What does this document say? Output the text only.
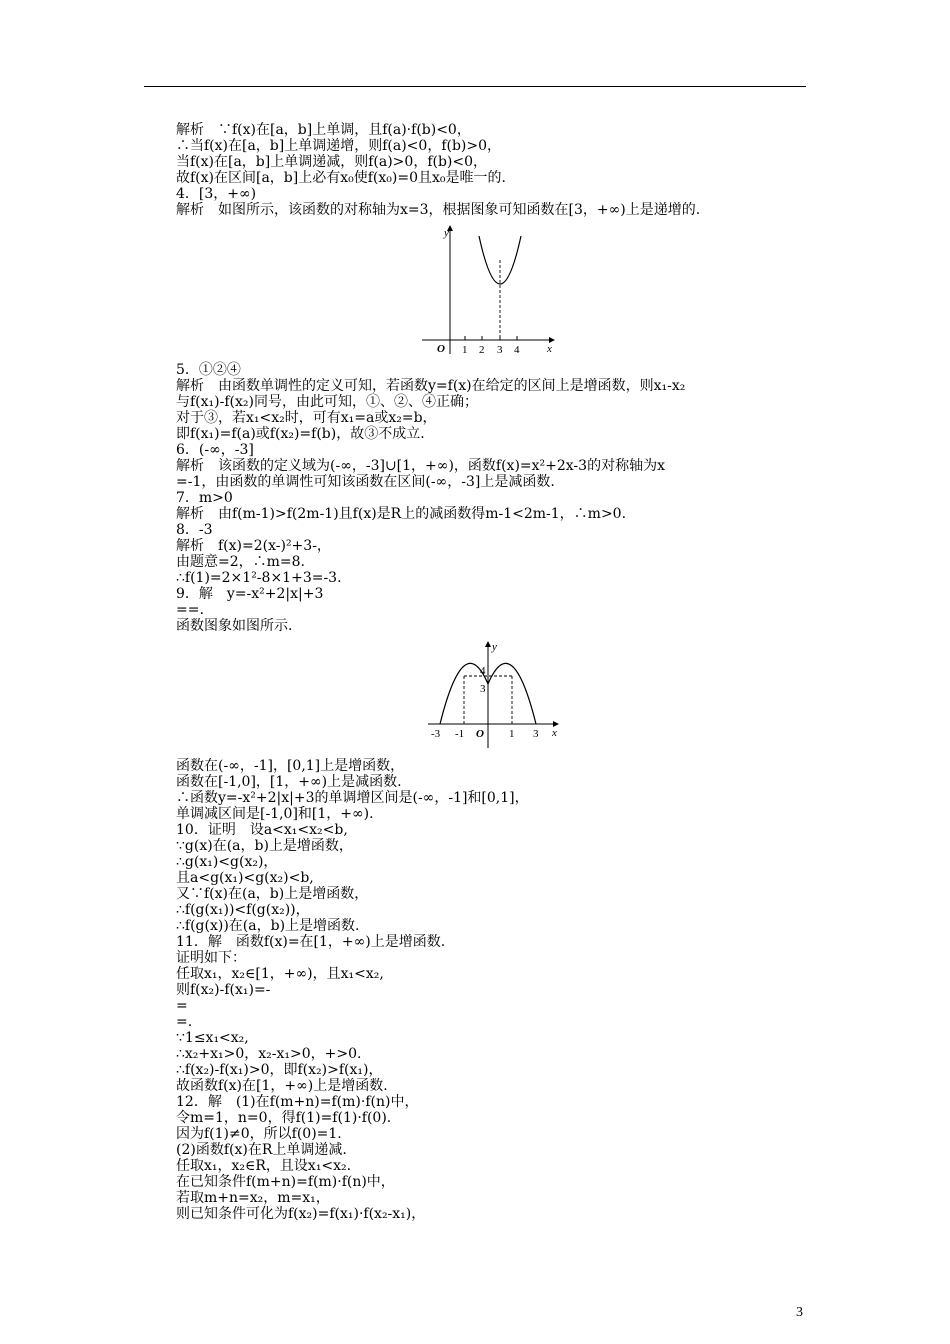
解析　∵f(x)在[a，b]上单调，且f(a)·f(b)<0，
∴当f(x)在[a，b]上单调递增，则f(a)<0，f(b)>0，
当f(x)在[a，b]上单调递减，则f(a)>0，f(b)<0，
故f(x)在区间[a，b]上必有x₀使f(x₀)=0且x₀是唯一的.
4．[3，+∞)
解析　如图所示，该函数的对称轴为x=3，根据图象可知函数在[3，+∞)上是递增的.
y
x
O 1 2 3 4
5．①②④
解析　由函数单调性的定义可知，若函数y=f(x)在给定的区间上是增函数，则x₁-x₂
与f(x₁)-f(x₂)同号，由此可知，①、②、④正确；
对于③，若x₁<x₂时，可有x₁=a或x₂=b，
即f(x₁)=f(a)或f(x₂)=f(b)，故③不成立.
6．(-∞，-3]
解析　该函数的定义域为(-∞，-3]∪[1，+∞)，函数f(x)=x²+2x-3的对称轴为x
=-1，由函数的单调性可知该函数在区间(-∞，-3]上是减函数.
7．m>0
解析　由f(m-1)>f(2m-1)且f(x)是R上的减函数得m-1<2m-1，∴m>0.
8．-3
解析　f(x)=2(x-)²+3-，
由题意=2，∴m=8.
∴f(1)=2×1²-8×1+3=-3.
9．解　y=-x²+2|x|+3
==.
函数图象如图所示.
y
x
O
-3 -1	1 3
4
3
函数在(-∞，-1]，[0,1]上是增函数，
函数在[-1,0]，[1，+∞)上是减函数.
∴函数y=-x²+2|x|+3的单调增区间是(-∞，-1]和[0,1]，
单调减区间是[-1,0]和[1，+∞).
10．证明　设a<x₁<x₂<b,
∵g(x)在(a，b)上是增函数，
∴g(x₁)<g(x₂)，
且a<g(x₁)<g(x₂)<b,
又∵f(x)在(a，b)上是增函数，
∴f(g(x₁))<f(g(x₂))，
∴f(g(x))在(a，b)上是增函数.
11．解　函数f(x)=在[1，+∞)上是增函数.
证明如下：
任取x₁，x₂∈[1，+∞)，且x₁<x₂,
则f(x₂)-f(x₁)=-
=
=.
∵1≤x₁<x₂,
∴x₂+x₁>0，x₂-x₁>0，+>0.
∴f(x₂)-f(x₁)>0，即f(x₂)>f(x₁)，
故函数f(x)在[1，+∞)上是增函数.
12．解　(1)在f(m+n)=f(m)·f(n)中，
令m=1，n=0，得f(1)=f(1)·f(0).
因为f(1)≠0，所以f(0)=1.
(2)函数f(x)在R上单调递减.
任取x₁，x₂∈R，且设x₁<x₂.
在已知条件f(m+n)=f(m)·f(n)中，
若取m+n=x₂，m=x₁，
则已知条件可化为f(x₂)=f(x₁)·f(x₂-x₁)，
3
